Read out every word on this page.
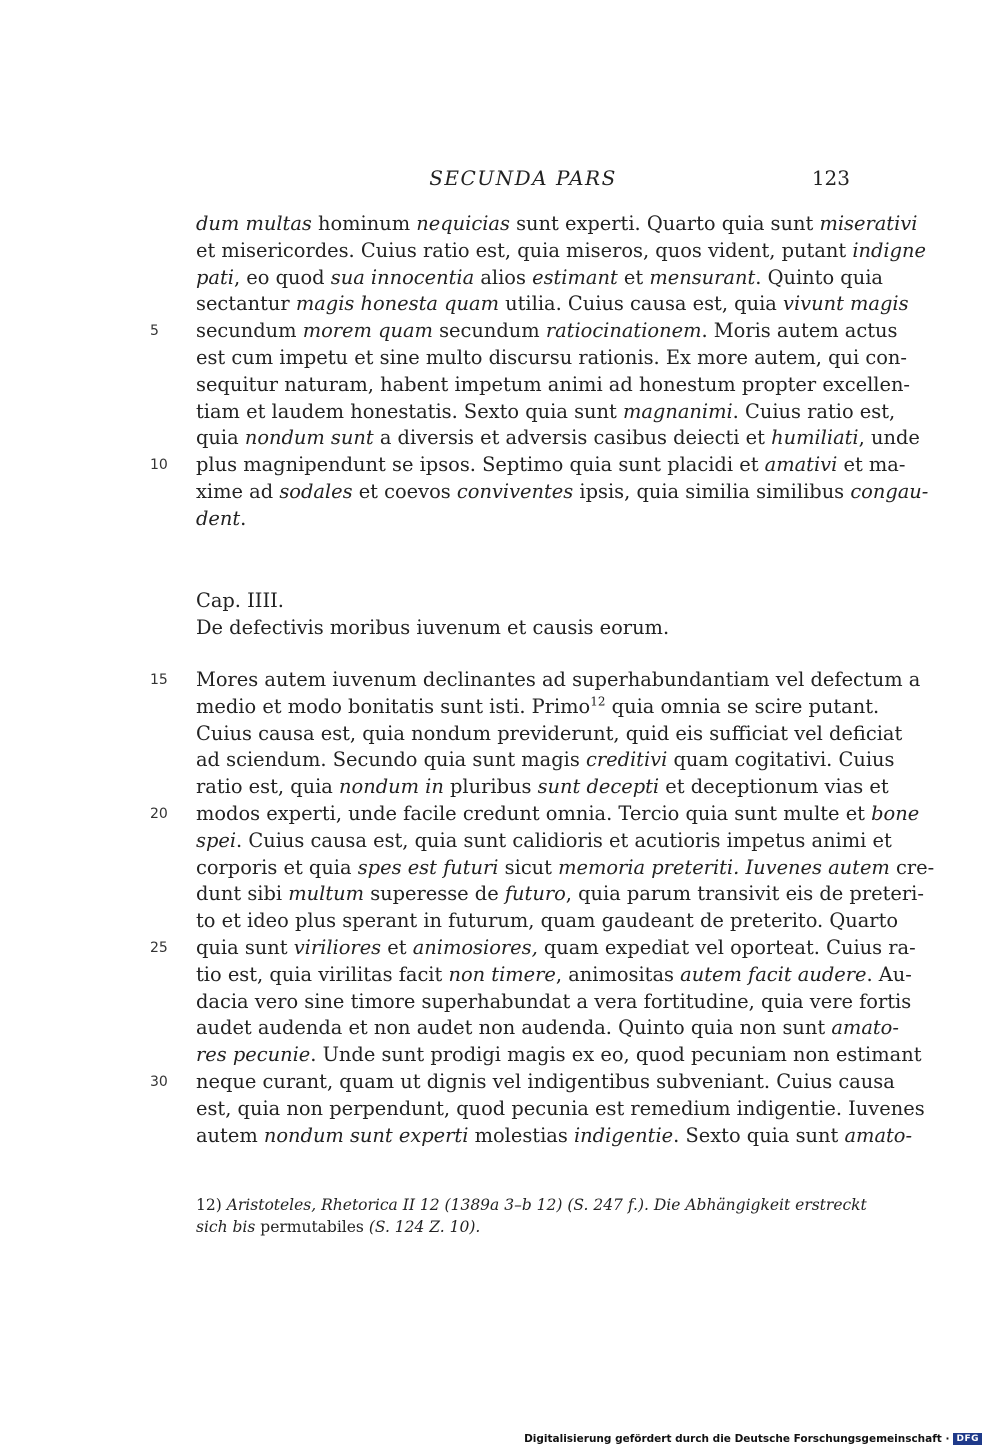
SECUNDA PARS	123
dum multas hominum nequicias sunt experti. Quarto quia sunt miserativi
et misericordes. Cuius ratio est, quia miseros, quos vident, putant indigne
pati, eo quod sua innocentia alios estimant et mensurant. Quinto quia
sectantur magis honesta quam utilia. Cuius causa est, quia vivunt magis
5	secundum morem quam secundum ratiocinationem. Moris autem actus
est cum impetu et sine multo discursu rationis. Ex more autem, qui con-
sequitur naturam, habent impetum animi ad honestum propter excellen-
tiam et laudem honestatis. Sexto quia sunt magnanimi. Cuius ratio est,
quia nondum sunt a diversis et adversis casibus deiecti et humiliati, unde
10 plus magnipendunt se ipsos. Septimo quia sunt placidi et amativi et ma-
xime ad sodales et coevos conviventes ipsis, quia similia similibus congau-
dent.
Cap. IIII.
De defectivis moribus iuvenum et causis eorum.
15 Mores autem iuvenum declinantes ad superhabundantiam vel defectum a
medio et modo bonitatis sunt isti. Primo$^{12}$ quia omnia se scire putant.
Cuius causa est, quia nondum previderunt, quid eis sufficiat vel deficiat
ad sciendum. Secundo quia sunt magis creditivi quam cogitativi. Cuius
ratio est, quia nondum in pluribus sunt decepti et deceptionum vias et
20 modos experti, unde facile credunt omnia. Tercio quia sunt multe et bone
spei. Cuius causa est, quia sunt calidioris et acutioris impetus animi et
corporis et quia spes est futuri sicut memoria preteriti. Iuvenes autem cre-
dunt sibi multum superesse de futuro, quia parum transivit eis de preteri-
to et ideo plus sperant in futurum, quam gaudeant de preterito. Quarto
25 quia sunt viriliores et animosiores, quam expediat vel oporteat. Cuius ra-
tio est, quia virilitas facit non timere, animositas autem facit audere. Au-
dacia vero sine timore superhabundat a vera fortitudine, quia vere fortis
audet audenda et non audet non audenda. Quinto quia non sunt amato-
res pecunie. Unde sunt prodigi magis ex eo, quod pecuniam non estimant
30 neque curant, quam ut dignis vel indigentibus subveniant. Cuius causa
est, quia non perpendunt, quod pecunia est remedium indigentie. Iuvenes
autem nondum sunt experti molestias indigentie. Sexto quia sunt amato-
12) Aristoteles, Rhetorica II 12 (1389a 3–b 12) (S. 247 f.). Die Abhängigkeit erstreckt
sich bis permutabiles (S. 124 Z. 10).
Digitalisierung gefördert durch die Deutsche Forschungsgemeinschaft · DFG
